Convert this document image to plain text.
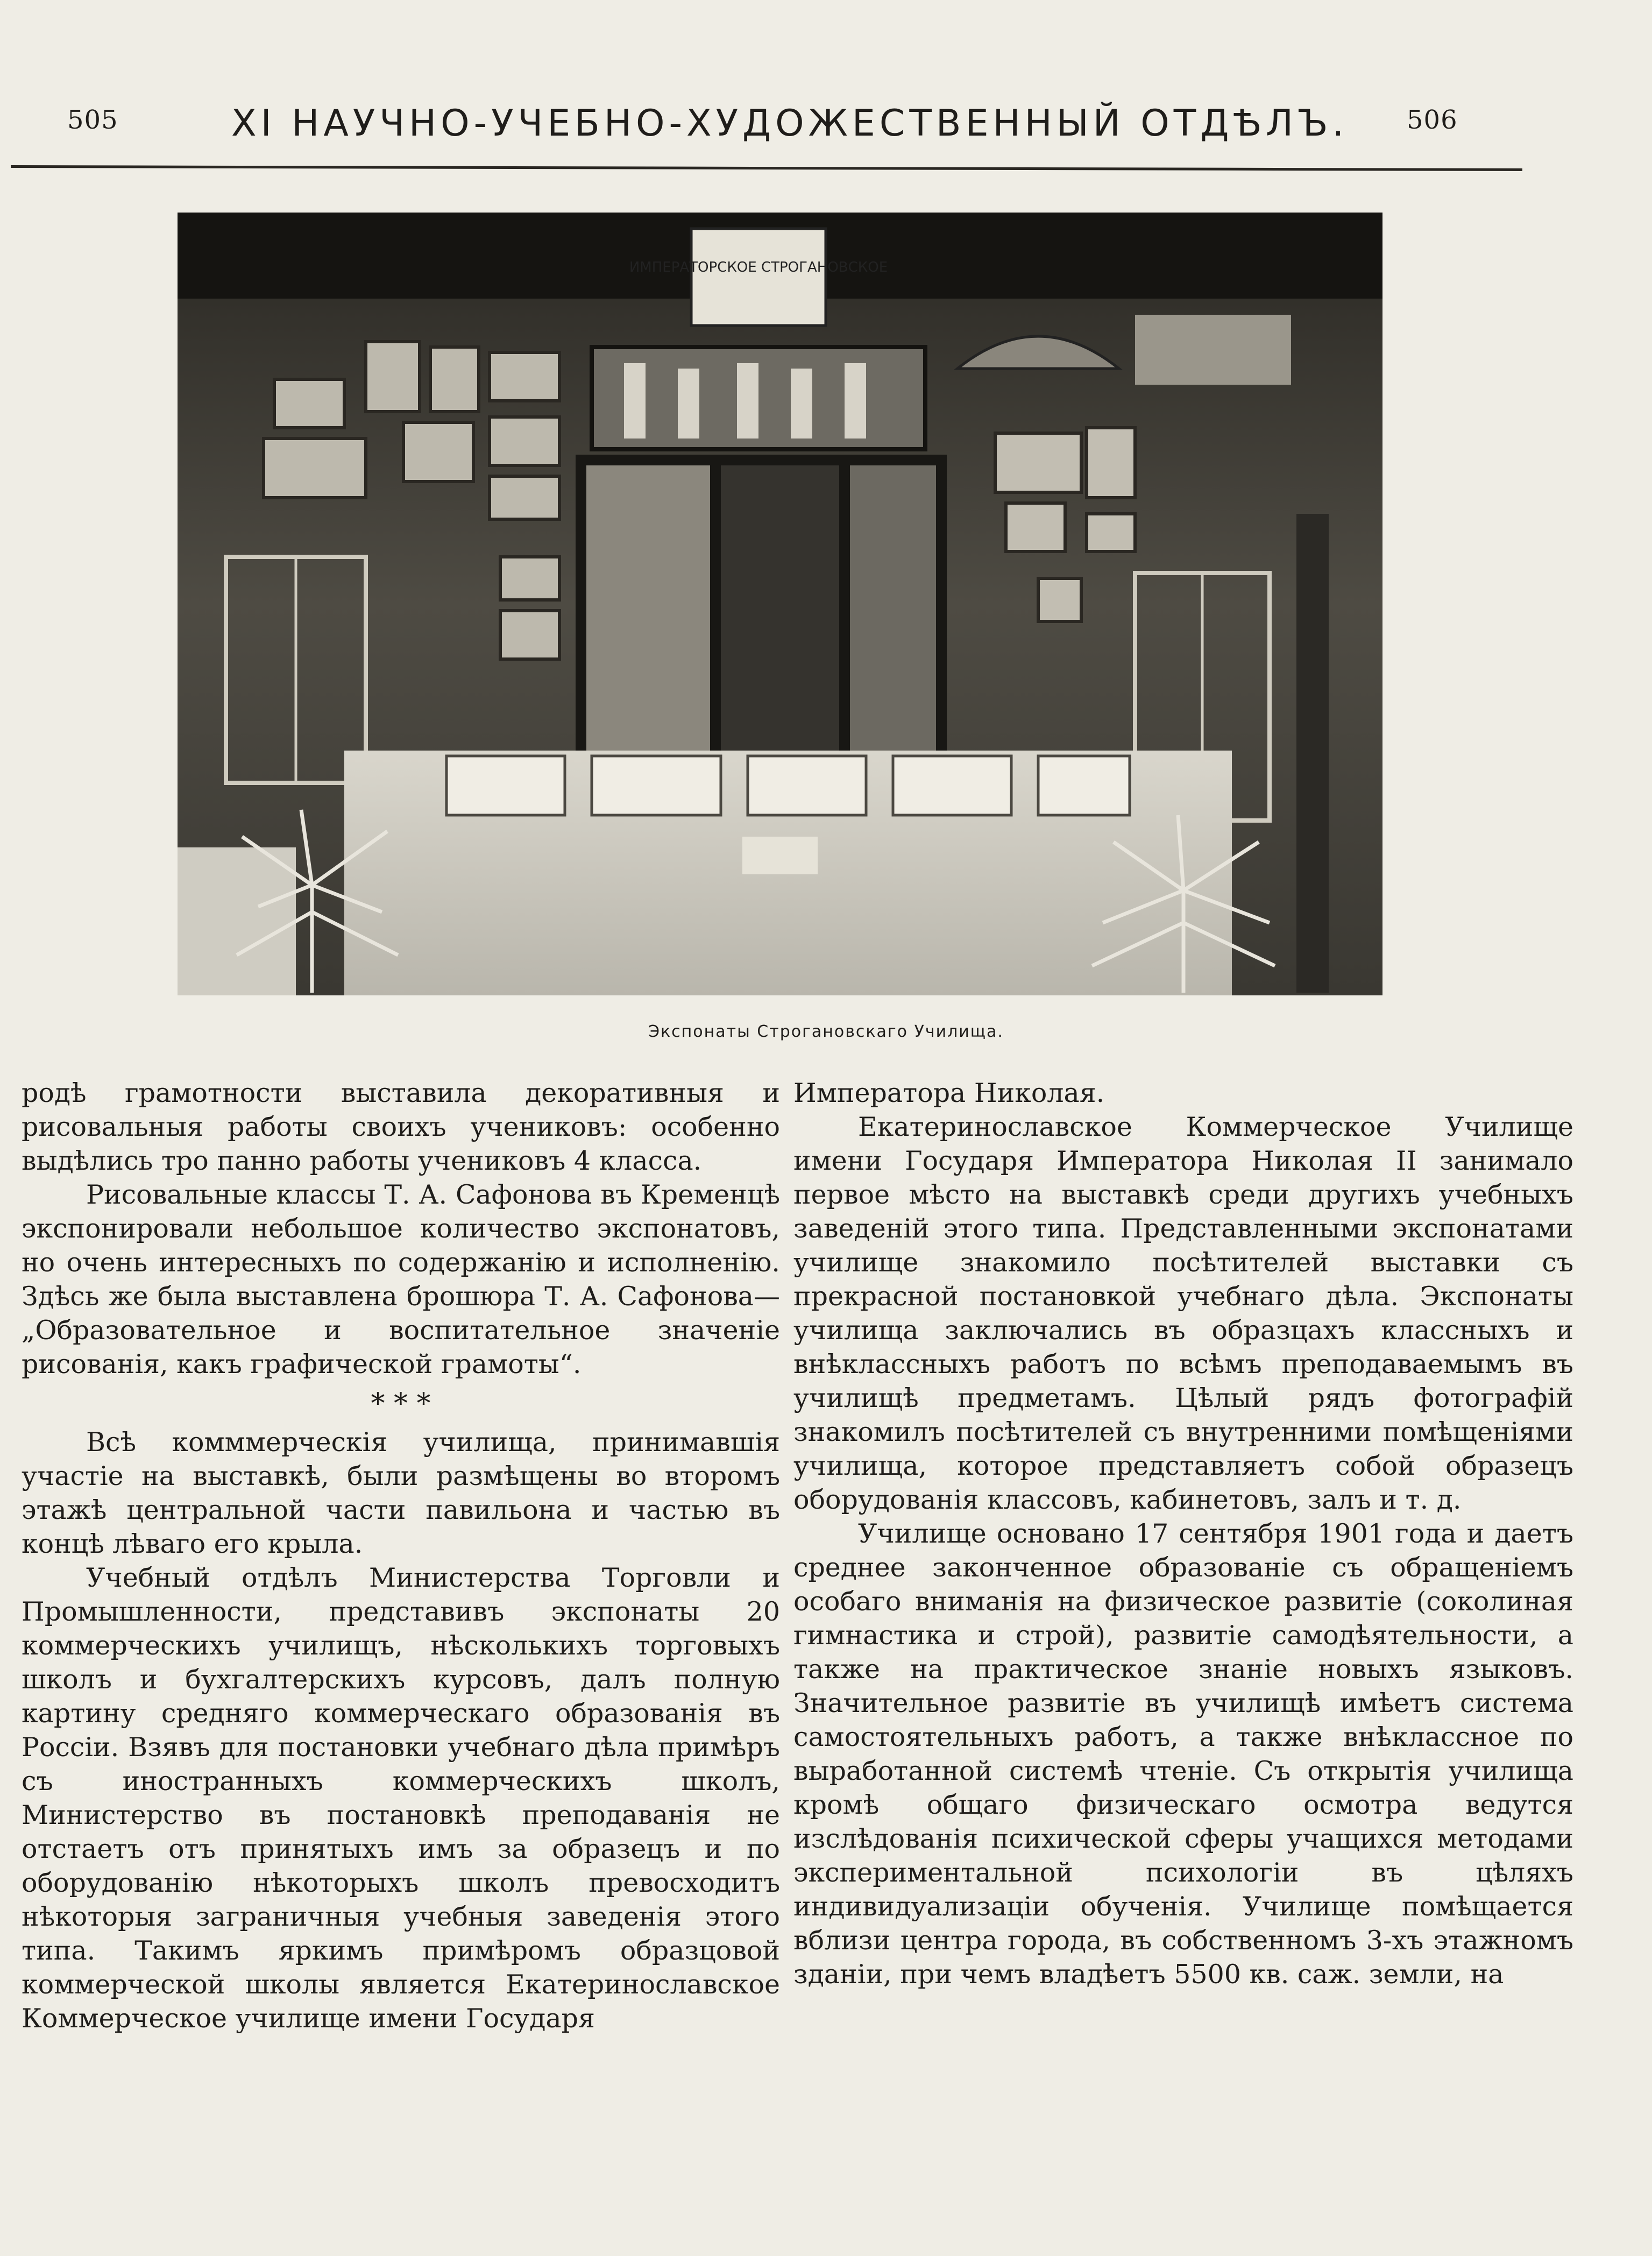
505	XI НАУЧНО-УЧЕБНО-ХУДОЖЕСТВЕННЫЙ ОТДѢЛЪ. 506
ИМПЕРАТОРСКОЕ СТРОГАНОВСКОЕ
Экспонаты Строгановскаго Училища.

родѣ грамотности выставила декоративныя и рисовальныя работы своихъ учениковъ: особенно выдѣлись тро панно работы учениковъ 4 класса.

Рисовальные классы Т. А. Сафонова въ Кременцѣ экспонировали небольшое количество экспонатовъ, но очень интересныхъ по содержанію и исполненію. Здѣсь же была выставлена брошюра Т. А. Сафонова—„Образовательное и воспитательное значеніе рисованія, какъ графической грамоты“.

* * *

Всѣ комммерческія училища, принимавшія участіе на выставкѣ, были размѣщены во второмъ этажѣ центральной части павильона и частью въ концѣ лѣваго его крыла.

Учебный отдѣлъ Министерства Торговли и Промышленности, представивъ экспонаты 20 коммерческихъ училищъ, нѣсколькихъ торговыхъ школъ и бухгалтерскихъ курсовъ, далъ полную картину средняго коммерческаго образованія въ Россіи. Взявъ для постановки учебнаго дѣла примѣръ съ иностранныхъ коммерческихъ школъ, Министерство въ постановкѣ преподаванія не отстаетъ отъ принятыхъ имъ за образецъ и по оборудованію нѣкоторыхъ школъ превосходитъ нѣкоторыя заграничныя учебныя заведенія этого типа. Такимъ яркимъ примѣромъ образцовой коммерческой школы является Екатеринославское Коммерческое училище имени Государя

Императора Николая.

Екатеринославское Коммерческое Училище имени Государя Императора Николая II занимало первое мѣсто на выставкѣ среди другихъ учебныхъ заведеній этого типа. Представленными экспонатами училище знакомило посѣтителей выставки съ прекрасной постановкой учебнаго дѣла. Экспонаты училища заключались въ образцахъ классныхъ и внѣклассныхъ работъ по всѣмъ преподаваемымъ въ училищѣ предметамъ. Цѣлый рядъ фотографій знакомилъ посѣтителей съ внутренними помѣщеніями училища, которое представляетъ собой образецъ оборудованія классовъ, кабинетовъ, залъ и т. д.

Училище основано 17 сентября 1901 года и даетъ среднее законченное образованіе съ обращеніемъ особаго вниманія на физическое развитіе (соколиная гимнастика и строй), развитіе самодѣятельности, а также на практическое знаніе новыхъ языковъ. Значительное развитіе въ училищѣ имѣетъ система самостоятельныхъ работъ, а также внѣклассное по выработанной системѣ чтеніе. Съ открытія училища кромѣ общаго физическаго осмотра ведутся изслѣдованія психической сферы учащихся методами экспериментальной психологіи въ цѣляхъ индивидуализаціи обученія. Училище помѣщается вблизи центра города, въ собственномъ 3-хъ этажномъ зданіи, при чемъ владѣетъ 5500 кв. саж. земли, на
